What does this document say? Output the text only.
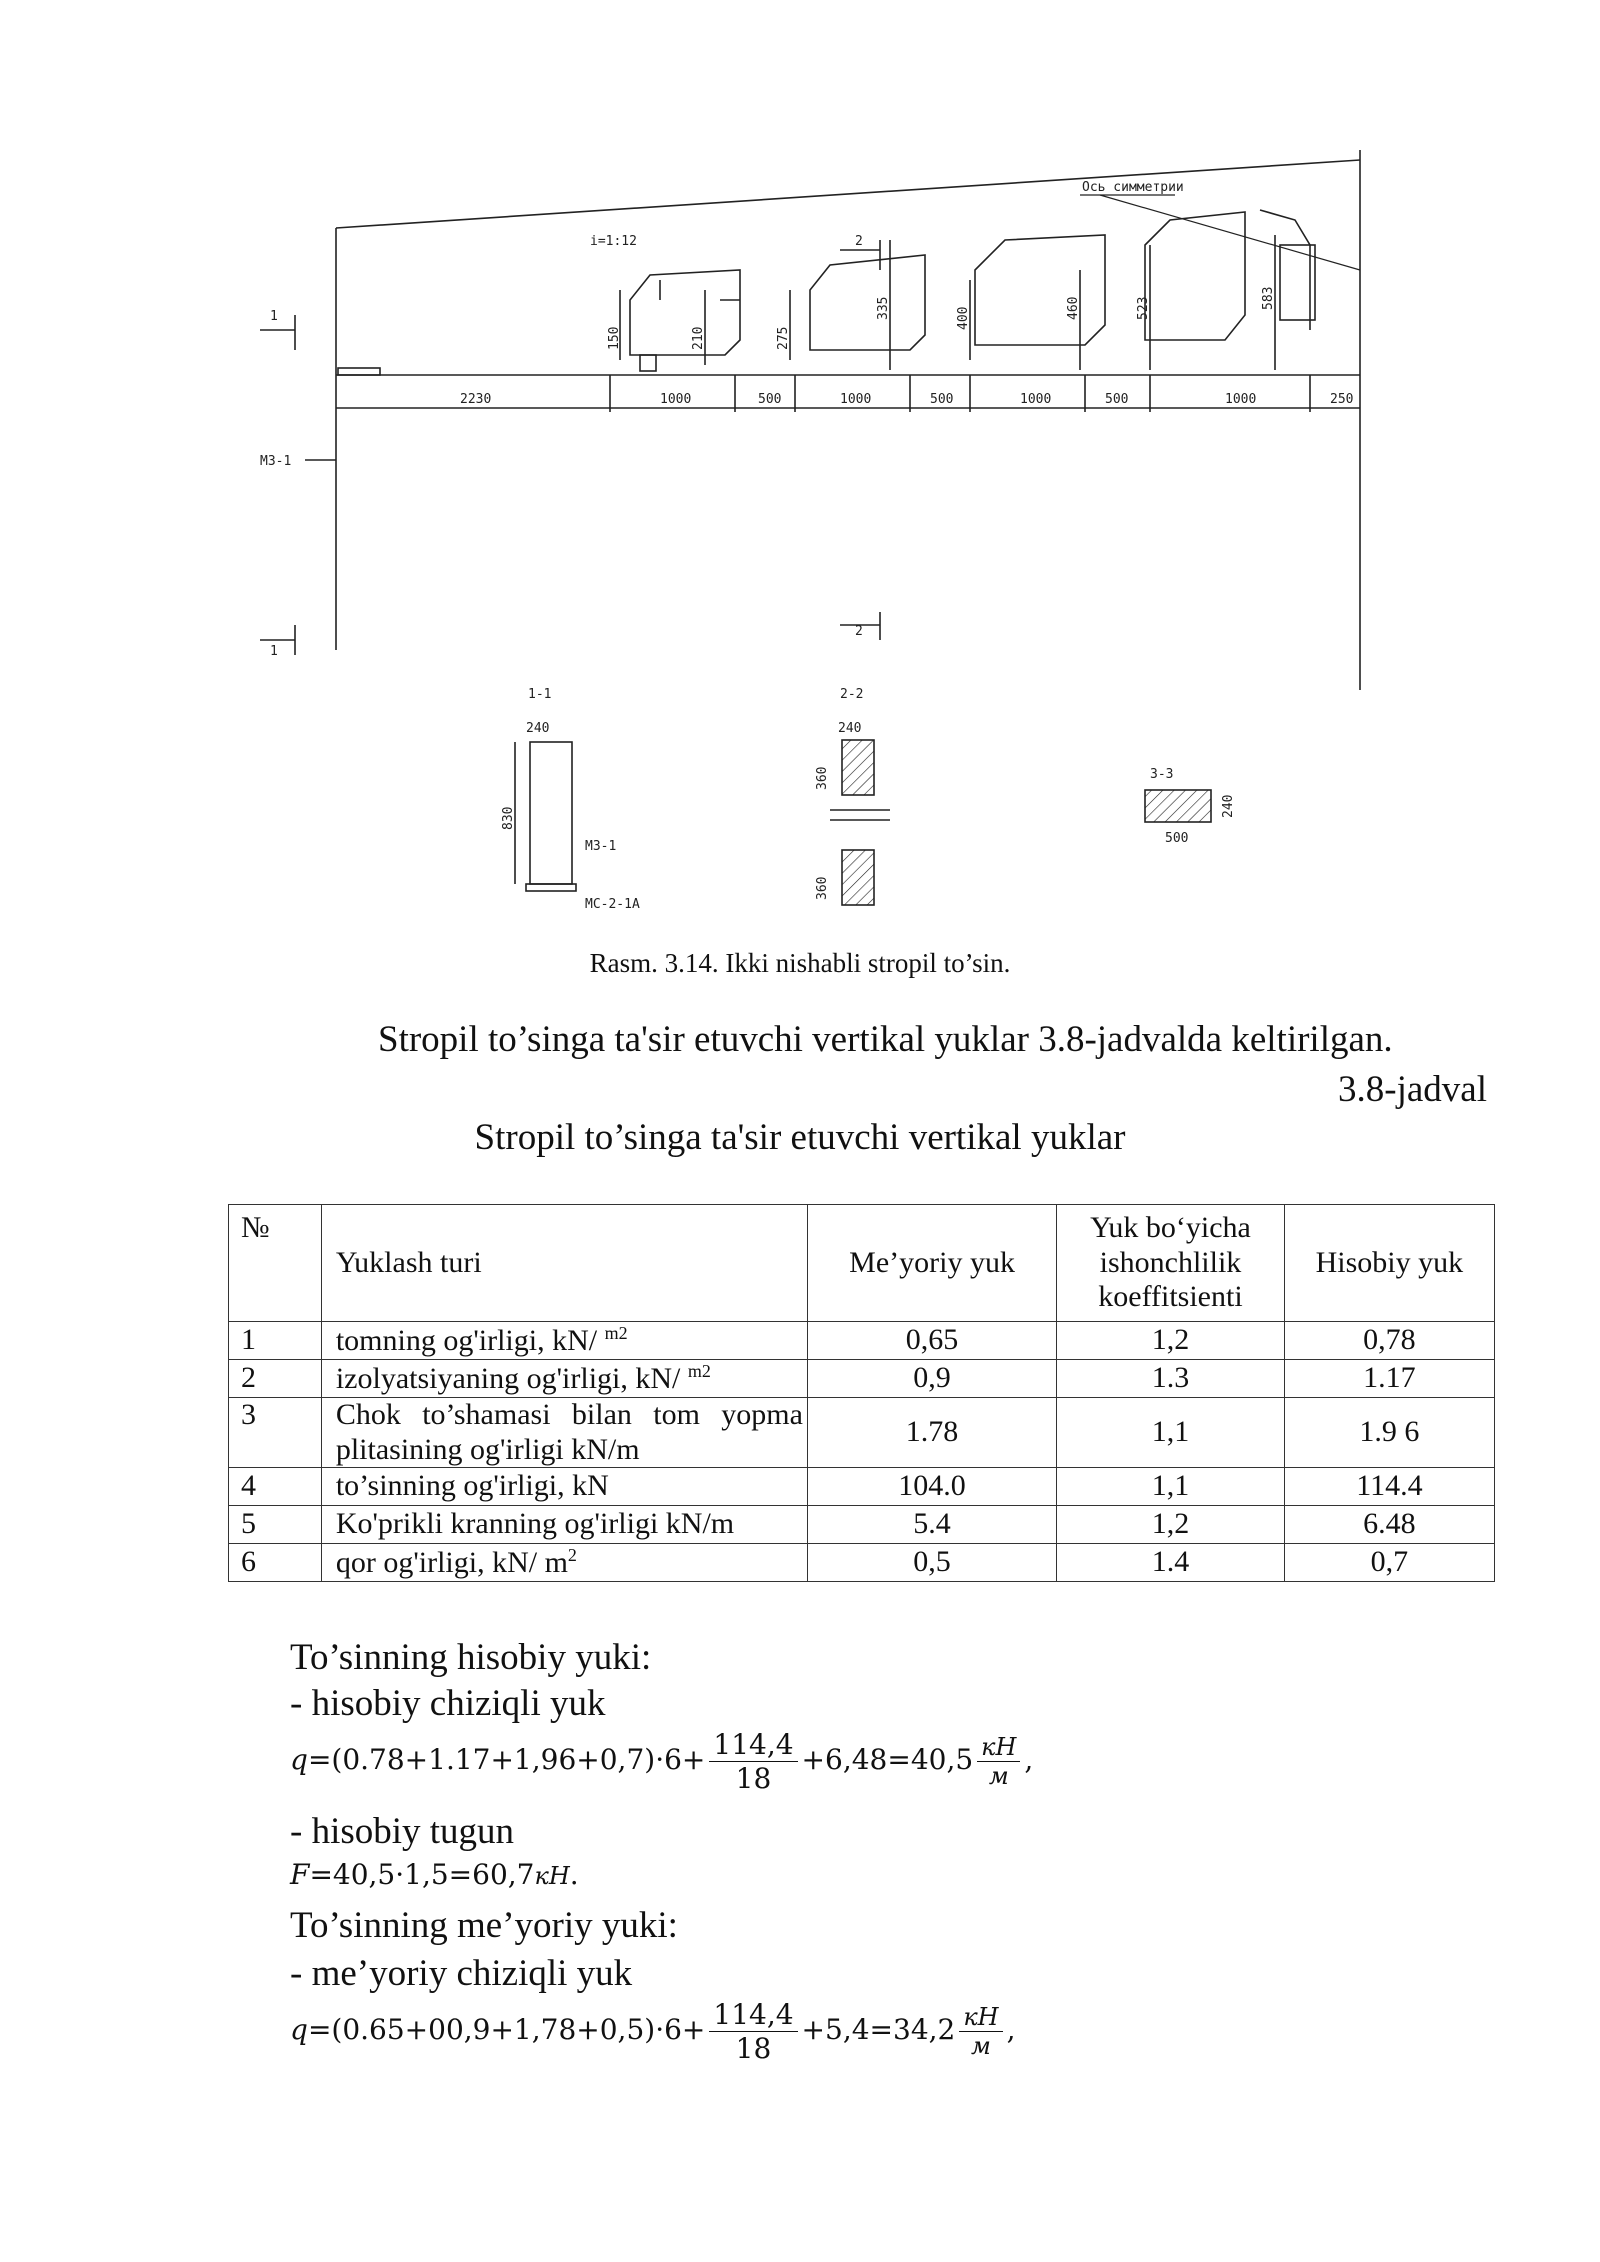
i=1:12
Ось симметрии
150	210	275
335	400	460	523	583
2230	1000	500	1000	500	1000	500	1000	250
1
1
2
2
МЗ-1
1-1
240
830
МЗ-1
МС-2-1А
2-2
240
360
360
3-3
240
500
Rasm. 3.14. Ikki nishabli stropil to’sin.
Stropil to’singa ta'sir etuvchi vertikal yuklar 3.8-jadvalda keltirilgan.
3.8-jadval
Stropil to’singa ta'sir etuvchi vertikal yuklar
№	Yuklash turi	Me’yoriy yuk	Yuk bo‘yicha ishonchlilik koeffitsienti	Hisobiy yuk
1	tomning og'irligi, kN/ $^{m2}$	0,65	1,2	0,78
2	izolyatsiyaning og'irligi, kN/ $^{m2}$	0,9	1.3	1.17
3	Chok to’shamasi bilan tom yopma plitasining og'irligi kN/m	1.78	1,1	1.9 6
4	to’sinning og'irligi, kN	104.0	1,1	114.4
5	Ko'prikli kranning og'irligi kN/m	5.4	1,2	6.48
6	qor og'irligi, kN/ $m^2$	0,5	1.4	0,7
To’sinning hisobiy yuki:
- hisobiy chiziqli yuk
$q=(0.78+1.17+1,96+0,7)\cdot 6+ \frac{114,4}{18} +6,48=40,5 \frac{кН}{м}$ ,
- hisobiy tugun
F=40,5·1,5=60,7кН.
To’sinning me’yoriy yuki:
- me’yoriy chiziqli yuk
$q=(0.65+00,9+1,78+0,5)\cdot 6+ \frac{114,4}{18} +5,4=34,2 \frac{кН}{м}$ ,
